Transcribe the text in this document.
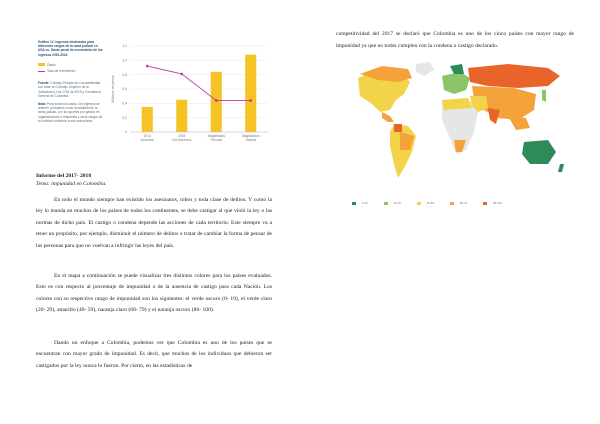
Gráfico 12. Ingresos destinados para diferentes cargos de la rama judicial en USA vs. Gasto penal de crecimiento de los ingresos 2010-2016
Gasto
Tasa de crecimiento
Fuente: Consejo Privado de Competitividad con base en Consejo Superior de la Judicatura y Ley 1753 de 2015 y Contraloría General de Colombia
Nota: Para todos los casos, los ingresos se refieren a tomarlos como la totalidad de la rama judicial, con los aportes por gastos en organizaciones o respuesta y otros cargos de su entidad conforme a sus estructuras.
1,2
1,0
0,8
0,6
0,4
0,2
0
Millones de pesos
2014
Acuerdos
2016
Oct Acuerdos
Magistrados
Tribunal
Magistrados
Justicia
Informe del 2017- 2018
Tema: impunidad en Colombia.
En todo el mundo siempre han existido los asesinatos, robos y toda clase de delitos. Y como la ley lo manda en muchos de los países de todos los continentes, se debe castigar al que violó la ley o las normas de dicho país. El castigo o condena depende las acciones de cada territorio. Este siempre va a tener un propósito, por ejemplo, disminuir el número de delitos o tratar de cambiar la forma de pensar de las personas para que no vuelvan a infringir las leyes del país.
En el mapa a continuación se puede visualizar tres distintos colores para los países evaluados. Esto es con respecto al porcentaje de impunidad o de la ausencia de castigo para cada Nación. Los colores con su respectivo rango de impunidad son los siguientes: el verde oscuro (0- 19), el verde claro (20- 29), amarillo (40- 59), naranja claro (60- 79) y el naranja oscuro (80- 100).
Dando un enfoque a Colombia, podemos ver que Colombia es uno de los países que se encuentran con mayor grado de impunidad. Es decir, que muchos de los individuos que debieron ser castigados por la ley nunca lo fueron. Por cierto, en las estadísticas de
competitividad del 2017 se declaró que Colombia es uno de los cinco países con mayor rango de impunidad ya que no todos cumplen con la condena o castigo declarado.
0-19	20-29	40-59	60-79	80-100
